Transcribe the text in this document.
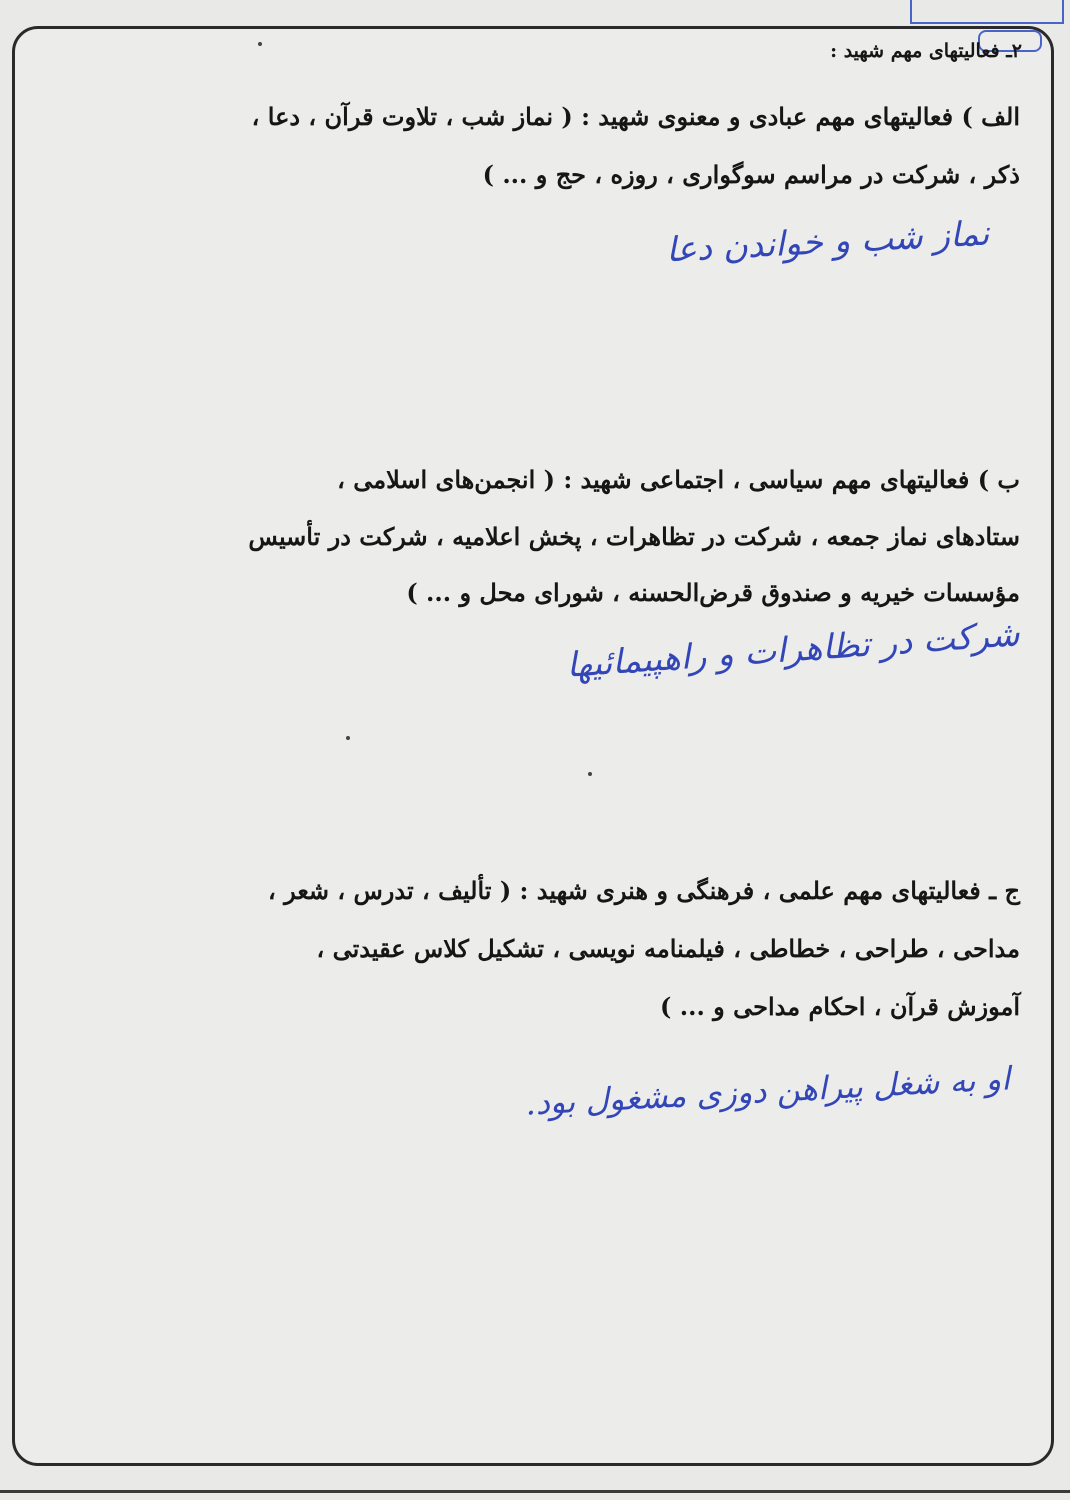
۲ـ فعالیتهای مهم شهید :
الف ) فعالیتهای مهم عبادی و معنوی شهید : ( نماز شب ، تلاوت قرآن ، دعا ،
ذکر ، شرکت در مراسم سوگواری ، روزه ، حج و ... )
نماز شب و خواندن دعا
ب ) فعالیتهای مهم سیاسی ، اجتماعی شهید : ( انجمن‌های اسلامی ،
ستادهای نماز جمعه ، شرکت در تظاهرات ، پخش اعلامیه ، شرکت در تأسیس
مؤسسات خیریه و صندوق قرض‌الحسنه ، شورای محل و ... )
شرکت در تظاهرات و راهپیمائیها
ج ـ فعالیتهای مهم علمی ، فرهنگی و هنری شهید : ( تألیف ، تدرس ، شعر ،
مداحی ، طراحی ، خطاطی ، فیلمنامه نویسی ، تشکیل کلاس عقیدتی ،
آموزش قرآن ، احکام مداحی و ... )
او به شغل پیراهن دوزی مشغول بود.
